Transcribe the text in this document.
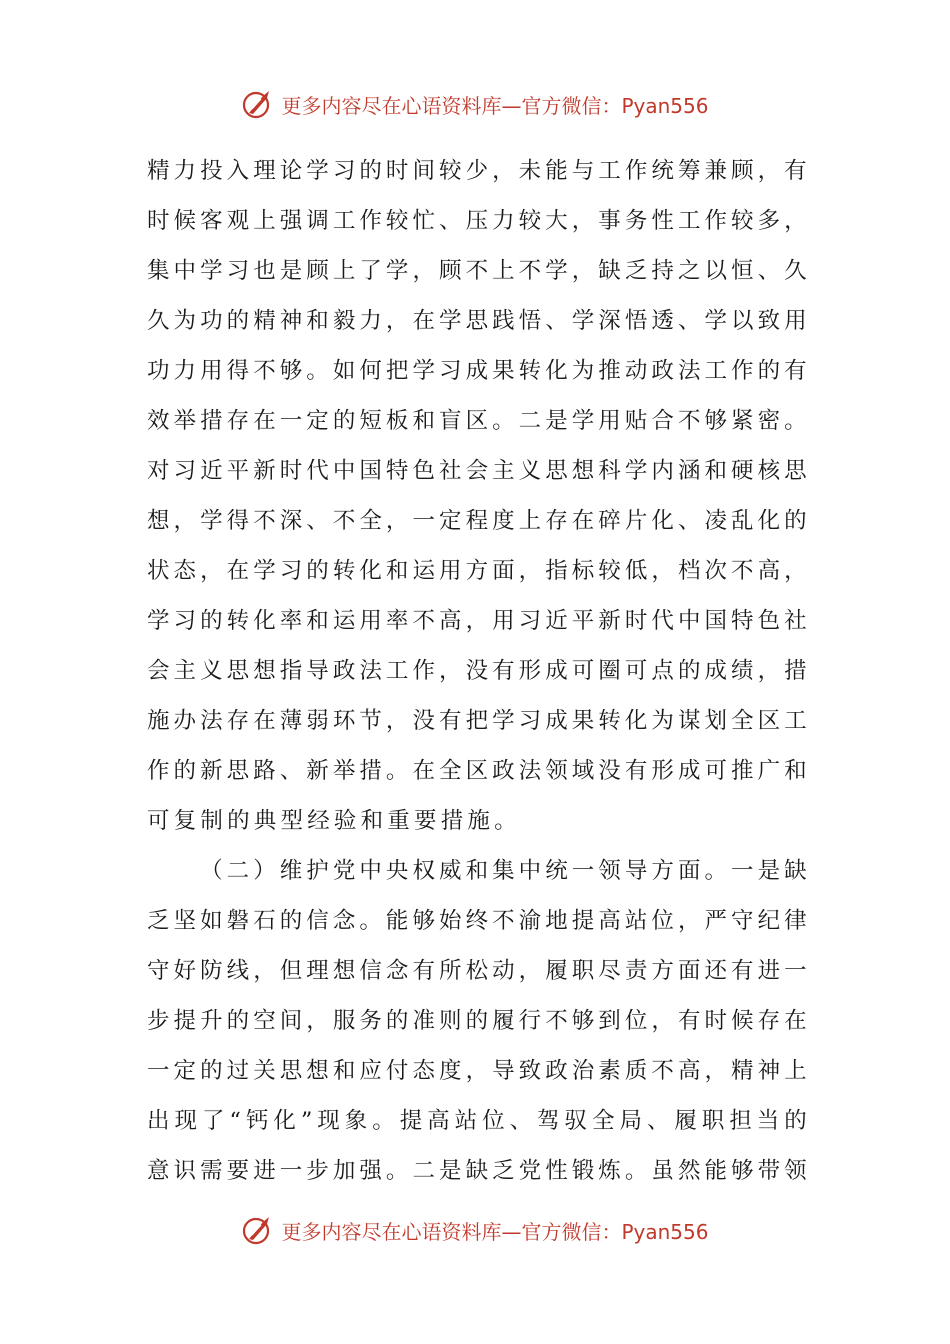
更多内容尽在心语资料库—官方微信：Pyan556
精 力 投 入 理 论 学 习 的 时 间 较 少 ， 未 能 与 工 作 统 筹 兼 顾 ， 有
时 候 客 观 上 强 调 工 作 较 忙 、 压 力 较 大 ， 事 务 性 工 作 较 多 ，
集 中 学 习 也 是 顾 上 了 学 ， 顾 不 上 不 学 ， 缺 乏 持 之 以 恒 、 久
久 为 功 的 精 神 和 毅 力 ， 在 学 思 践 悟 、 学 深 悟 透 、 学 以 致 用
功 力 用 得 不 够 。 如 何 把 学 习 成 果 转 化 为 推 动 政 法 工 作 的 有
效 举 措 存 在 一 定 的 短 板 和 盲 区 。 二 是 学 用 贴 合 不 够 紧 密 。
对 习 近 平 新 时 代 中 国 特 色 社 会 主 义 思 想 科 学 内 涵 和 硬 核 思
想 ， 学 得 不 深 、 不 全 ， 一 定 程 度 上 存 在 碎 片 化 、 凌 乱 化 的
状 态 ， 在 学 习 的 转 化 和 运 用 方 面 ， 指 标 较 低 ， 档 次 不 高 ，
学 习 的 转 化 率 和 运 用 率 不 高 ， 用 习 近 平 新 时 代 中 国 特 色 社
会 主 义 思 想 指 导 政 法 工 作 ， 没 有 形 成 可 圈 可 点 的 成 绩 ， 措
施 办 法 存 在 薄 弱 环 节 ， 没 有 把 学 习 成 果 转 化 为 谋 划 全 区 工
作 的 新 思 路 、 新 举 措 。 在 全 区 政 法 领 域 没 有 形 成 可 推 广 和
可复制的典型经验和重要措施。

（ 二 ） 维 护 党 中 央 权 威 和 集 中 统 一 领 导 方 面 。 一 是 缺
乏 坚 如 磐 石 的 信 念 。 能 够 始 终 不 渝 地 提 高 站 位 ， 严 守 纪 律
守 好 防 线 ， 但 理 想 信 念 有 所 松 动 ， 履 职 尽 责 方 面 还 有 进 一
步 提 升 的 空 间 ， 服 务 的 准 则 的 履 行 不 够 到 位 ， 有 时 候 存 在
一 定 的 过 关 思 想 和 应 付 态 度 ， 导 致 政 治 素 质 不 高 ， 精 神 上
出 现 了 “ 钙 化 ” 现 象 。 提 高 站 位 、 驾 驭 全 局 、 履 职 担 当 的
意 识 需 要 进 一 步 加 强 。 二 是 缺 乏 党 性 锻 炼 。 虽 然 能 够 带 领
更多内容尽在心语资料库—官方微信：Pyan556
